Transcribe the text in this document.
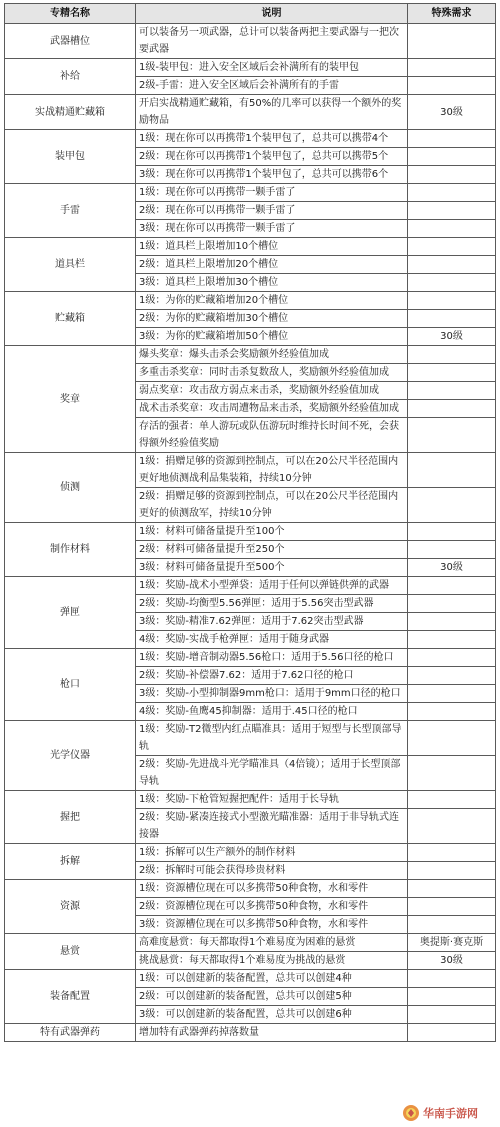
专精名称	说明	特殊需求
武器槽位	可以装备另一项武器，总计可以装备两把主要武器与一把次要武器	
补给	1级-装甲包：进入安全区域后会补满所有的装甲包	
	2级-手雷：进入安全区域后会补满所有的手雷	
实战精通贮藏箱	开启实战精通贮藏箱，有50%的几率可以获得一个额外的奖励物品	30级
装甲包	1级：现在你可以再携带1个装甲包了，总共可以携带4个	
	2级：现在你可以再携带1个装甲包了，总共可以携带5个	
	3级：现在你可以再携带1个装甲包了，总共可以携带6个	
手雷	1级：现在你可以再携带一颗手雷了	
	2级：现在你可以再携带一颗手雷了	
	3级：现在你可以再携带一颗手雷了	
道具栏	1级：道具栏上限增加10个槽位	
	2级：道具栏上限增加20个槽位	
	3级：道具栏上限增加30个槽位	
贮藏箱	1级：为你的贮藏箱增加20个槽位	
	2级：为你的贮藏箱增加30个槽位	
	3级：为你的贮藏箱增加50个槽位	30级
奖章	爆头奖章：爆头击杀会奖励额外经验值加成	
	多重击杀奖章：同时击杀复数敌人，奖励额外经验值加成	
	弱点奖章：攻击敌方弱点来击杀，奖励额外经验值加成	
	战术击杀奖章：攻击周遭物品来击杀，奖励额外经验值加成	
	存活的强者：单人游玩或队伍游玩时维持长时间不死，会获得额外经验值奖励	
侦测	1级：捐赠足够的资源到控制点，可以在20公尺半径范围内更好地侦测战利品集装箱，持续10分钟	
	2级：捐赠足够的资源到控制点，可以在20公尺半径范围内更好的侦测敌军，持续10分钟	
制作材料	1级：材料可储备量提升至100个	
	2级：材料可储备量提升至250个	
	3级：材料可储备量提升至500个	30级
弹匣	1级：奖励-战术小型弹袋：适用于任何以弹链供弹的武器	
	2级：奖励-均衡型5.56弹匣：适用于5.56突击型武器	
	3级：奖励-精准7.62弹匣：适用于7.62突击型武器	
	4级：奖励-实战手枪弹匣：适用于随身武器	
枪口	1级：奖励-增音制动器5.56枪口：适用于5.56口径的枪口	
	2级：奖励-补偿器7.62：适用于7.62口径的枪口	
	3级：奖励-小型抑制器9mm枪口：适用于9mm口径的枪口	
	4级：奖励-鱼鹰45抑制器：适用于.45口径的枪口	
光学仪器	1级：奖励-T2微型内红点瞄准具：适用于短型与长型顶部导轨	
	2级：奖励-先进战斗光学瞄准具（4倍镜）；适用于长型顶部导轨	
握把	1级：奖励-下枪管短握把配件：适用于长导轨	
	2级：奖励-紧凑连接式小型激光瞄准器：适用于非导轨式连接器	
拆解	1级：拆解可以生产额外的制作材料	
	2级：拆解时可能会获得珍贵材料	
资源	1级：资源槽位现在可以多携带50种食物，水和零件	
	2级：资源槽位现在可以多携带50种食物，水和零件	
	3级：资源槽位现在可以多携带50种食物，水和零件	
悬赏	高难度悬赏：每天都取得1个难易度为困难的悬赏	奥提斯·赛克斯
	挑战悬赏：每天都取得1个难易度为挑战的悬赏	30级
装备配置	1级：可以创建新的装备配置，总共可以创建4种	
	2级：可以创建新的装备配置，总共可以创建5种	
	3级：可以创建新的装备配置，总共可以创建6种	
特有武器弹药	增加特有武器弹药掉落数量	
华南手游网
